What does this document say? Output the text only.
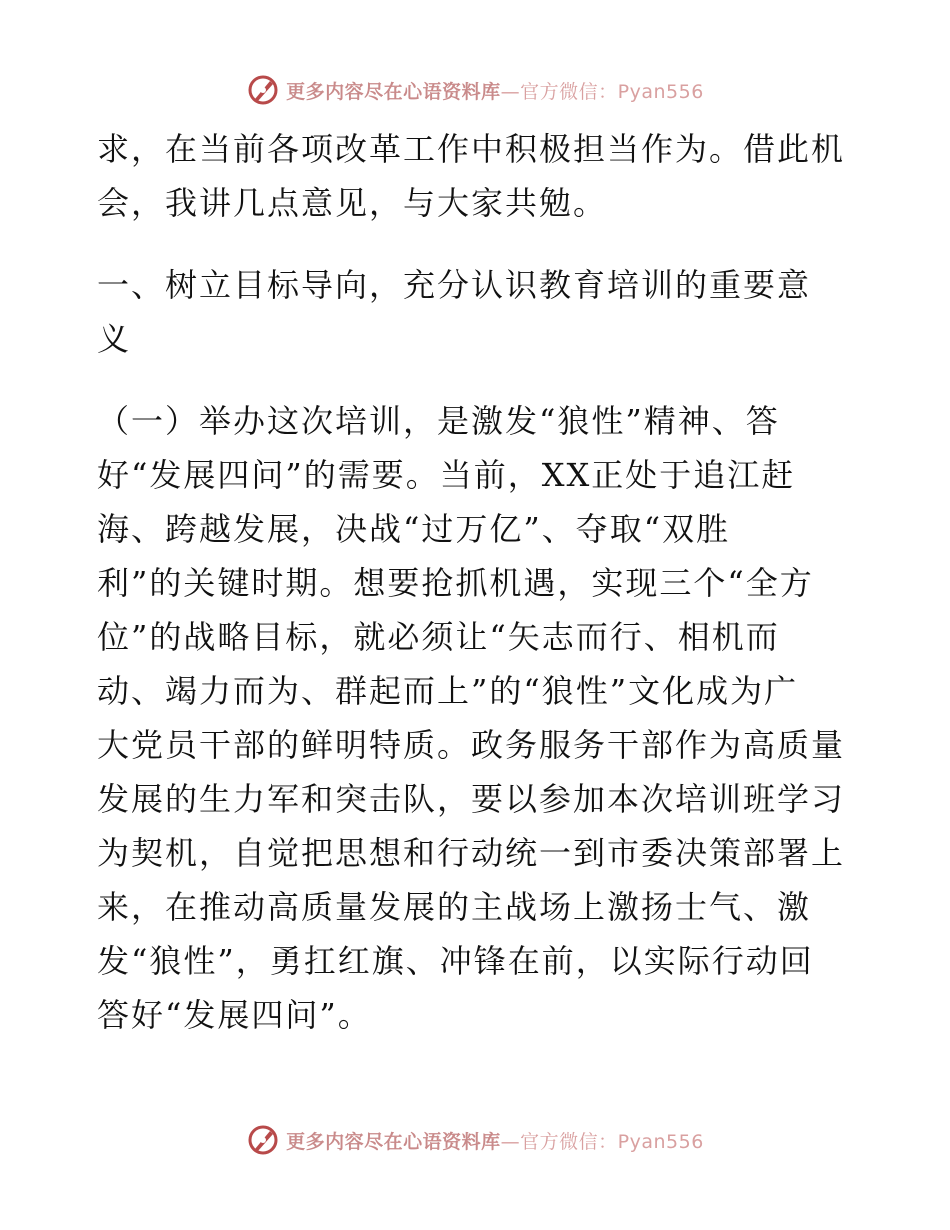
更多内容尽在心语资料库—官方微信：Pyan556
求，在当前各项改革工作中积极担当作为。借此机
会，我讲几点意见，与大家共勉。
一、树立目标导向，充分认识教育培训的重要意
义
（一）举办这次培训，是激发“狼性”精神、答
好“发展四问”的需要。当前，XX正处于追江赶
海、跨越发展，决战“过万亿”、夺取“双胜
利”的关键时期。想要抢抓机遇，实现三个“全方
位”的战略目标，就必须让“矢志而行、相机而
动、竭力而为、群起而上”的“狼性”文化成为广
大党员干部的鲜明特质。政务服务干部作为高质量
发展的生力军和突击队，要以参加本次培训班学习
为契机，自觉把思想和行动统一到市委决策部署上
来，在推动高质量发展的主战场上激扬士气、激
发“狼性”，勇扛红旗、冲锋在前，以实际行动回
答好“发展四问”。
更多内容尽在心语资料库—官方微信：Pyan556
